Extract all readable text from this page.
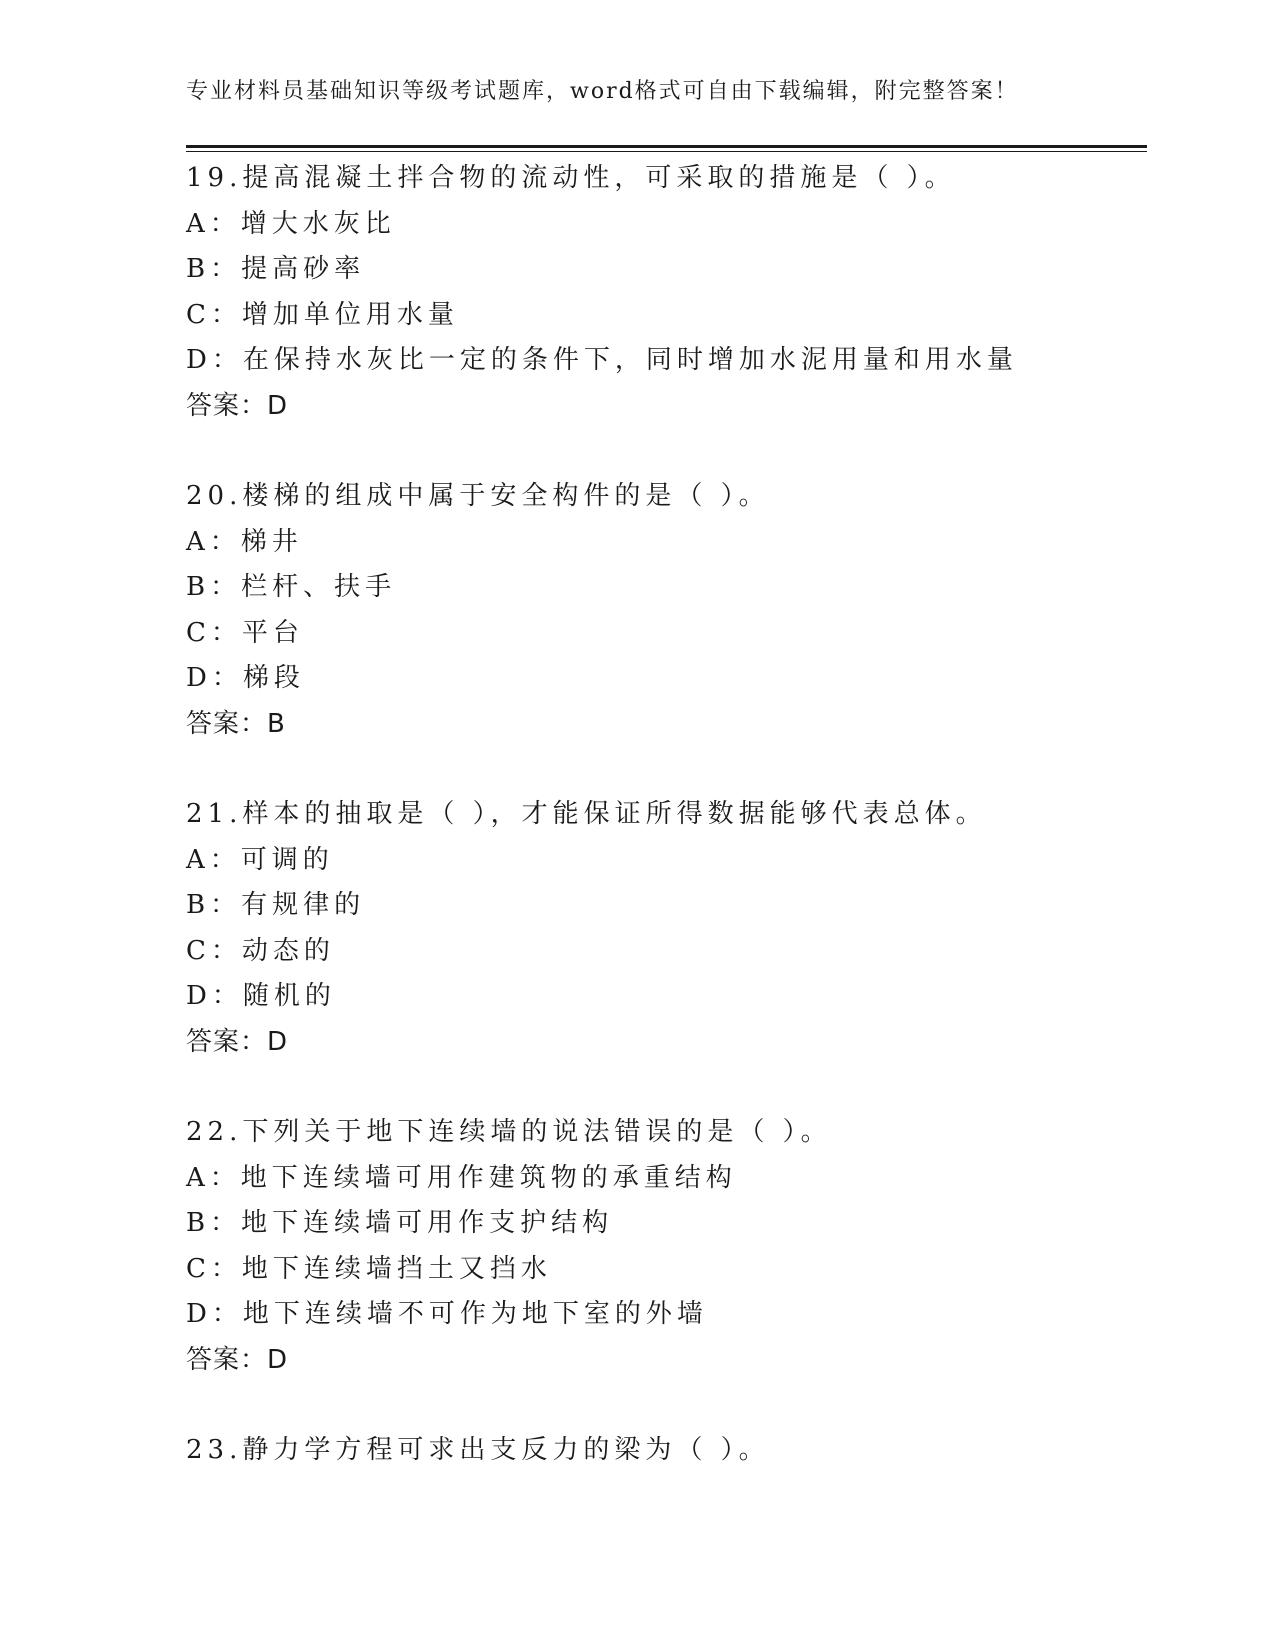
专业材料员基础知识等级考试题库，word格式可自由下载编辑，附完整答案！
19.提高混凝土拌合物的流动性，可采取的措施是（ ）。
A：增大水灰比
B：提高砂率
C：增加单位用水量
D：在保持水灰比一定的条件下，同时增加水泥用量和用水量
答案：D
20.楼梯的组成中属于安全构件的是（ ）。
A：梯井
B：栏杆、扶手
C：平台
D：梯段
答案：B
21.样本的抽取是（ ），才能保证所得数据能够代表总体。
A：可调的
B：有规律的
C：动态的
D：随机的
答案：D
22.下列关于地下连续墙的说法错误的是（ ）。
A：地下连续墙可用作建筑物的承重结构
B：地下连续墙可用作支护结构
C：地下连续墙挡土又挡水
D：地下连续墙不可作为地下室的外墙
答案：D
23.静力学方程可求出支反力的梁为（ ）。
